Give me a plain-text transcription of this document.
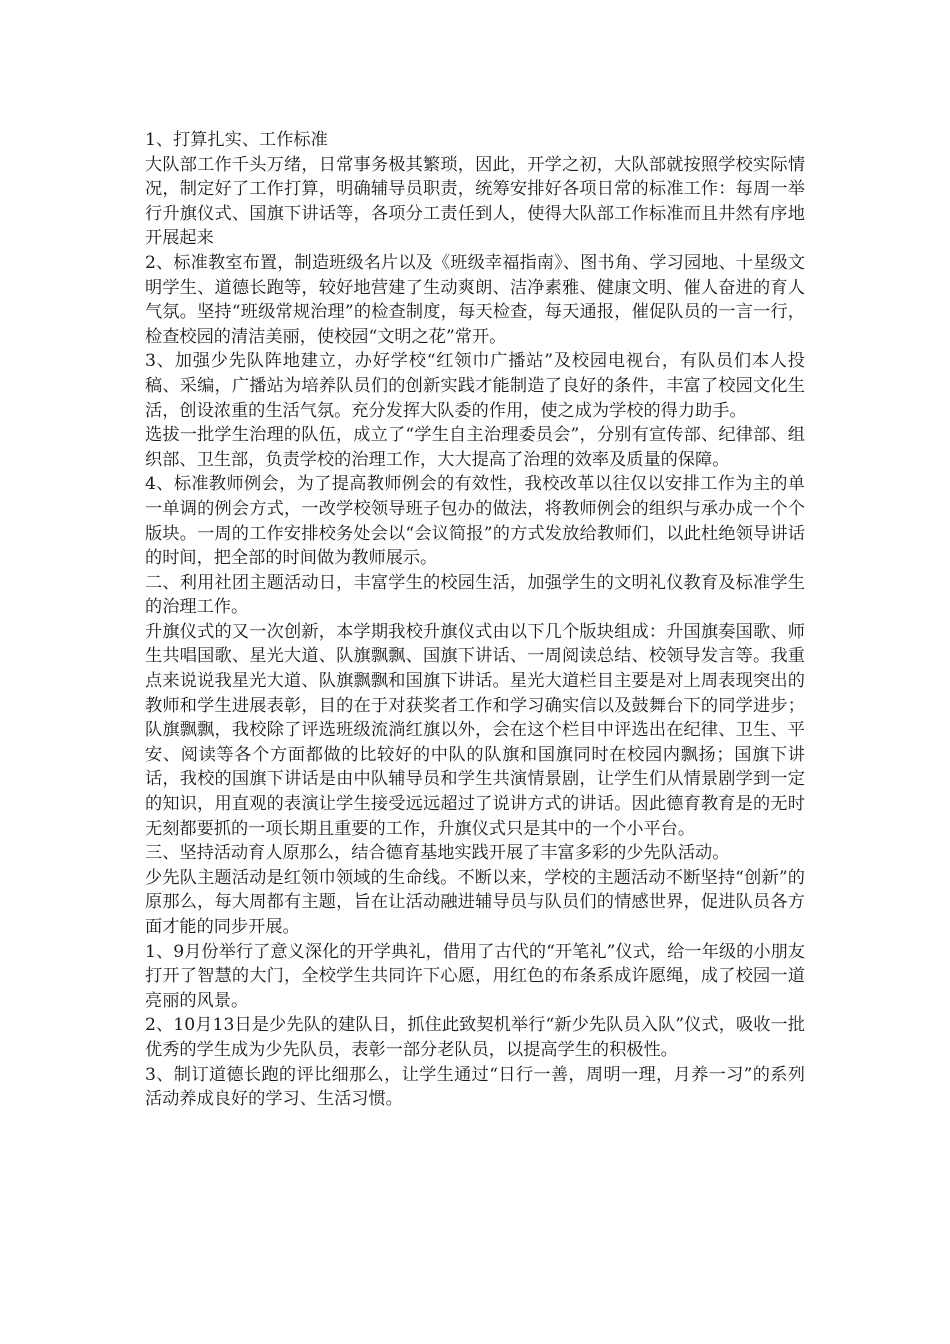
1、打算扎实、工作标准

大队部工作千头万绪，日常事务极其繁琐，因此，开学之初，大队部就按照学校实际情况，制定好了工作打算，明确辅导员职责，统筹安排好各项日常的标准工作：每周一举行升旗仪式、国旗下讲话等，各项分工责任到人，使得大队部工作标准而且井然有序地开展起来

2、标准教室布置，制造班级名片以及《班级幸福指南》、图书角、学习园地、十星级文明学生、道德长跑等，较好地营建了生动爽朗、洁净素雅、健康文明、催人奋进的育人气氛。坚持“班级常规治理”的检查制度，每天检查，每天通报，催促队员的一言一行，检查校园的清洁美丽，使校园“文明之花”常开。

3、加强少先队阵地建立，办好学校“红领巾广播站”及校园电视台，有队员们本人投稿、采编，广播站为培养队员们的创新实践才能制造了良好的条件，丰富了校园文化生活，创设浓重的生活气氛。充分发挥大队委的作用，使之成为学校的得力助手。

选拔一批学生治理的队伍，成立了“学生自主治理委员会”，分别有宣传部、纪律部、组织部、卫生部，负责学校的治理工作，大大提高了治理的效率及质量的保障。

4、标准教师例会，为了提高教师例会的有效性，我校改革以往仅以安排工作为主的单一单调的例会方式，一改学校领导班子包办的做法，将教师例会的组织与承办成一个个版块。一周的工作安排校务处会以“会议简报”的方式发放给教师们，以此杜绝领导讲话的时间，把全部的时间做为教师展示。

二、利用社团主题活动日，丰富学生的校园生活，加强学生的文明礼仪教育及标准学生的治理工作。

升旗仪式的又一次创新，本学期我校升旗仪式由以下几个版块组成：升国旗奏国歌、师生共唱国歌、星光大道、队旗飘飘、国旗下讲话、一周阅读总结、校领导发言等。我重点来说说我星光大道、队旗飘飘和国旗下讲话。星光大道栏目主要是对上周表现突出的教师和学生进展表彰，目的在于对获奖者工作和学习确实信以及鼓舞台下的同学进步；队旗飘飘，我校除了评选班级流淌红旗以外，会在这个栏目中评选出在纪律、卫生、平安、阅读等各个方面都做的比较好的中队的队旗和国旗同时在校园内飘扬；国旗下讲话，我校的国旗下讲话是由中队辅导员和学生共演情景剧，让学生们从情景剧学到一定的知识，用直观的表演让学生接受远远超过了说讲方式的讲话。因此德育教育是的无时无刻都要抓的一项长期且重要的工作，升旗仪式只是其中的一个小平台。

三、坚持活动育人原那么，结合德育基地实践开展了丰富多彩的少先队活动。

少先队主题活动是红领巾领域的生命线。不断以来，学校的主题活动不断坚持“创新”的原那么，每大周都有主题，旨在让活动融进辅导员与队员们的情感世界，促进队员各方面才能的同步开展。

1、9月份举行了意义深化的开学典礼，借用了古代的“开笔礼”仪式，给一年级的小朋友打开了智慧的大门，全校学生共同许下心愿，用红色的布条系成许愿绳，成了校园一道亮丽的风景。

2、10月13日是少先队的建队日，抓住此致契机举行“新少先队员入队”仪式，吸收一批优秀的学生成为少先队员，表彰一部分老队员，以提高学生的积极性。

3、制订道德长跑的评比细那么，让学生通过“日行一善，周明一理，月养一习”的系列活动养成良好的学习、生活习惯。
